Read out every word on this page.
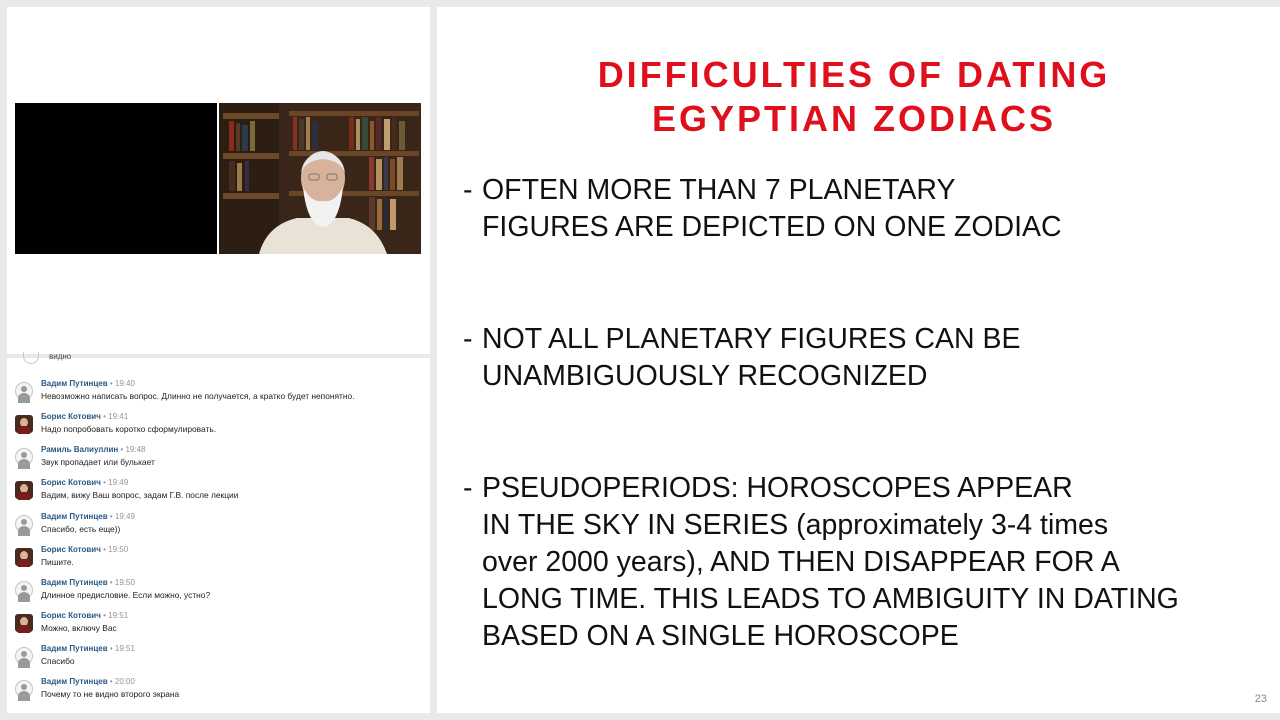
видно
Вадим Путинцев • 19:40
Невозможно написать вопрос. Длинно не получается, а кратко будет непонятно.
Борис Котович • 19:41
Надо попробовать коротко сформулировать.
Рамиль Валиуллин • 19:48
Звук пропадает или булькает
Борис Котович • 19:49
Вадим, вижу Ваш вопрос, задам Г.В. после лекции
Вадим Путинцев • 19:49
Спасибо, есть еще))
Борис Котович • 19:50
Пишите.
Вадим Путинцев • 19:50
Длинное предисловие. Если можно, устно?
Борис Котович • 19:51
Можно, включу Вас
Вадим Путинцев • 19:51
Спасибо
Вадим Путинцев • 20:00
Почему то не видно второго экрана
DIFFICULTIES OF DATING
EGYPTIAN ZODIACS
- OFTEN MORE THAN 7 PLANETARY
FIGURES ARE DEPICTED ON ONE ZODIAC
- NOT ALL PLANETARY FIGURES CAN BE
UNAMBIGUOUSLY RECOGNIZED
- PSEUDOPERIODS: HOROSCOPES APPEAR
IN THE SKY IN SERIES (approximately 3-4 times
over 2000 years), AND THEN DISAPPEAR FOR A
LONG TIME. THIS LEADS TO AMBIGUITY IN DATING
BASED ON A SINGLE HOROSCOPE
23
